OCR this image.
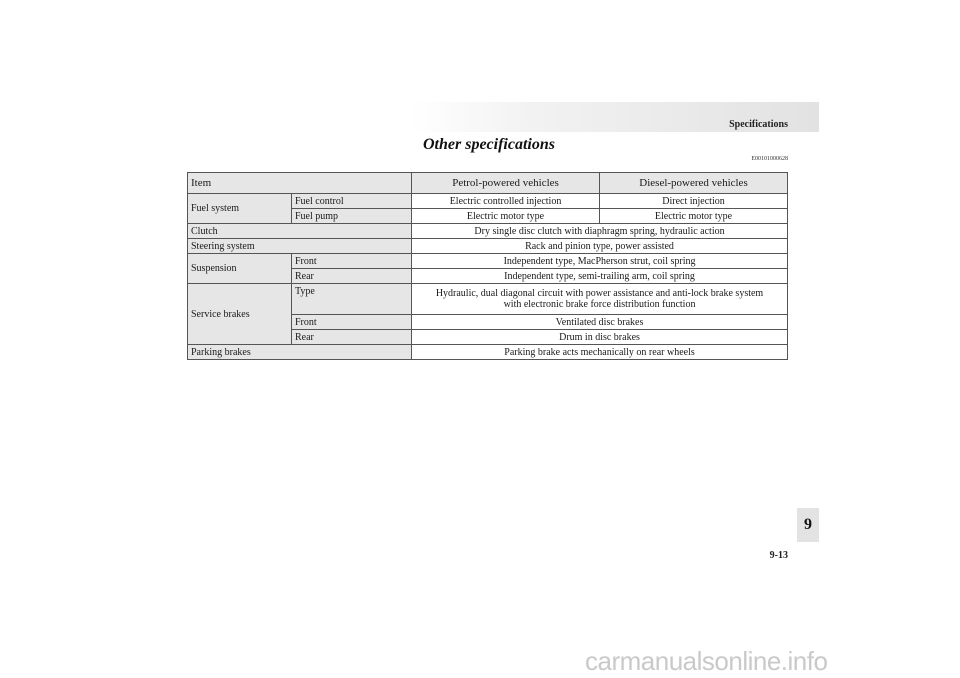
Specifications
Other specifications
E00101000628
Item		Petrol-powered vehicles	Diesel-powered vehicles
Fuel system	Fuel control	Electric controlled injection	Direct injection
	Fuel pump	Electric motor type	Electric motor type
Clutch		Dry single disc clutch with diaphragm spring, hydraulic action	
Steering system		Rack and pinion type, power assisted	
Suspension	Front	Independent type, MacPherson strut, coil spring	
	Rear	Independent type, semi-trailing arm, coil spring	
Service brakes	Type	Hydraulic, dual diagonal circuit with power assistance and anti-lock brake system
with electronic brake force distribution function	

	Front	Ventilated disc brakes	
	Rear	Drum in disc brakes	
Parking brakes		Parking brake acts mechanically on rear wheels	
9
9-13
carmanualsonline.info
